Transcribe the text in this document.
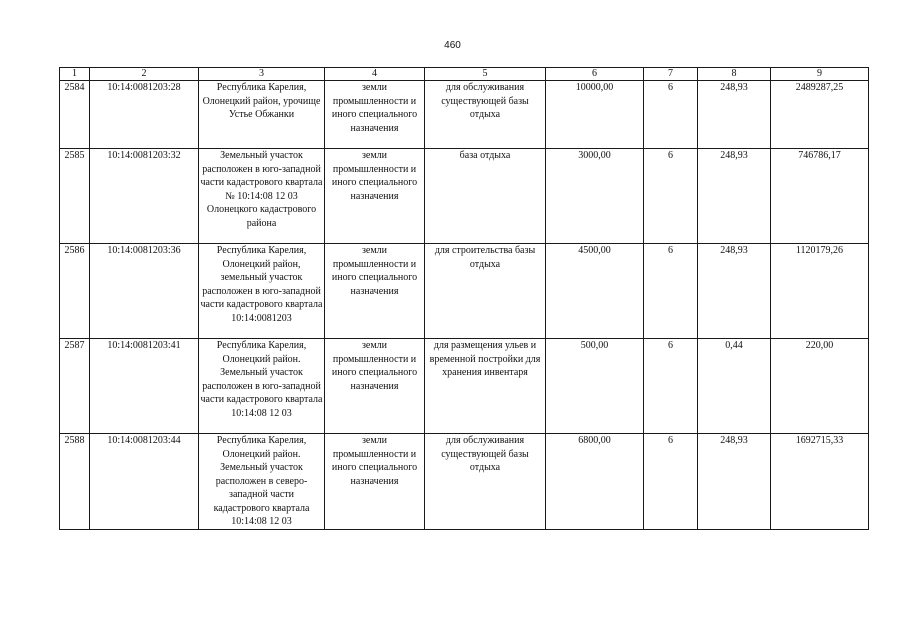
460
1	2	3	4	5	6	7	8	9
2584	10:14:0081203:28	Республика Карелия, Олонецкий район, урочище Устье Обжанки	земли промышленности и иного специального назначения	для обслуживания существующей базы отдыха	10000,00	6	248,93	2489287,25
2585	10:14:0081203:32	Земельный участок расположен в юго-западной части кадастрового квартала № 10:14:08 12 03 Олонецкого кадастрового района	земли промышленности и иного специального назначения	база отдыха	3000,00	6	248,93	746786,17
2586	10:14:0081203:36	Республика Карелия, Олонецкий район, земельный участок расположен в юго-западной части кадастрового квартала 10:14:0081203	земли промышленности и иного специального назначения	для строительства базы отдыха	4500,00	6	248,93	1120179,26
2587	10:14:0081203:41	Республика Карелия, Олонецкий район. Земельный участок расположен в юго-западной части кадастрового квартала 10:14:08 12 03	земли промышленности и иного специального назначения	для размещения ульев и временной постройки для хранения инвентаря	500,00	6	0,44	220,00
2588	10:14:0081203:44	Республика Карелия, Олонецкий район. Земельный участок расположен в северо-западной части кадастрового квартала 10:14:08 12 03	земли промышленности и иного специального назначения	для обслуживания существующей базы отдыха	6800,00	6	248,93	1692715,33
